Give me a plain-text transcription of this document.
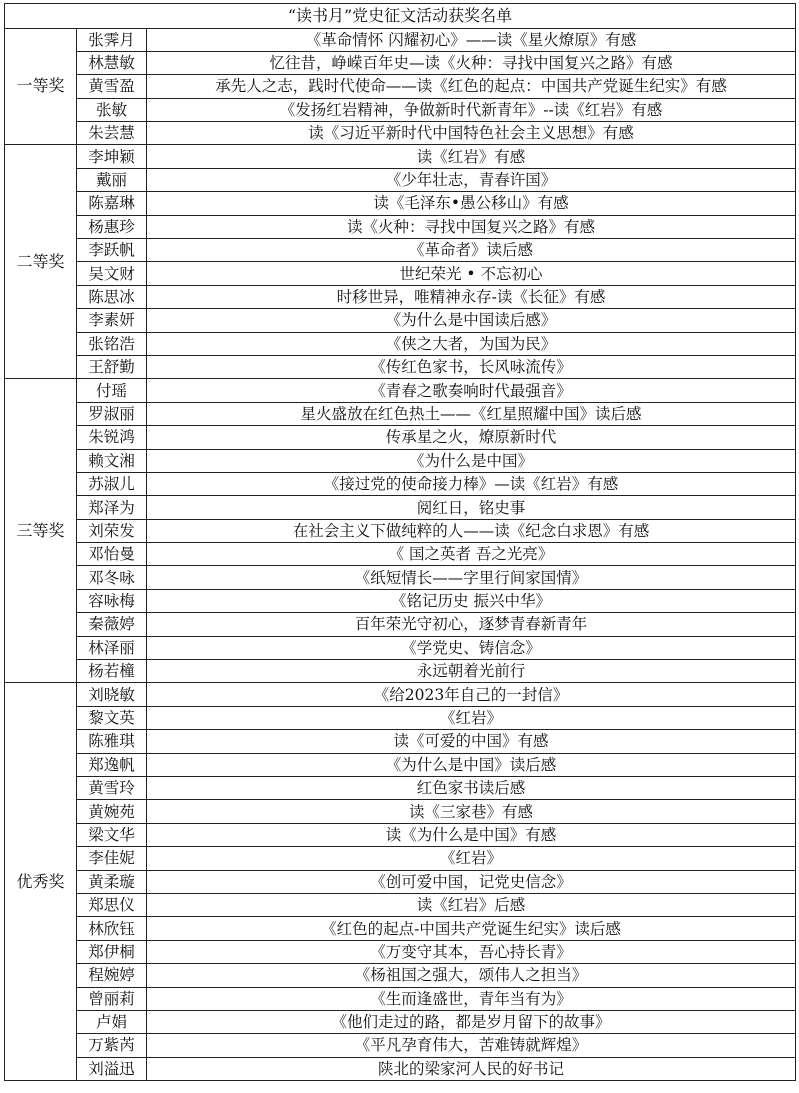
“读书月”党史征文活动获奖名单		
一等奖	张霁月	《革命情怀 闪耀初心》——读《星火燎原》有感
	林慧敏	忆往昔，峥嵘百年史—读《火种：寻找中国复兴之路》有感
	黄雪盈	承先人之志，践时代使命——读《红色的起点：中国共产党诞生纪实》有感
	张敏	《发扬红岩精神，争做新时代新青年》--读《红岩》有感
	朱芸慧	读《习近平新时代中国特色社会主义思想》有感
二等奖	李坤颖	读《红岩》有感
	戴丽	《少年壮志，青春许国》
	陈嘉琳	读《毛泽东•愚公移山》有感
	杨惠珍	读《火种：寻找中国复兴之路》有感
	李跃帆	《革命者》读后感
	吴文财	世纪荣光 • 不忘初心
	陈思冰	时移世异，唯精神永存-读《长征》有感
	李素妍	《为什么是中国读后感》
	张铭浩	《侠之大者，为国为民》
	王舒勤	《传红色家书，长风咏流传》
三等奖	付瑶	《青春之歌奏响时代最强音》
	罗淑丽	星火盛放在红色热土——《红星照耀中国》读后感
	朱锐鸿	传承星之火，燎原新时代
	赖文湘	《为什么是中国》
	苏淑儿	《接过党的使命接力棒》—读《红岩》有感
	郑泽为	阅红日，铭史事
	刘荣发	在社会主义下做纯粹的人——读《纪念白求恩》有感
	邓怡曼	《 国之英者 吾之光亮》
	邓冬咏	《纸短情长——字里行间家国情》
	容咏梅	《铭记历史 振兴中华》
	秦薇婷	百年荣光守初心，逐梦青春新青年
	林泽丽	《学党史、铸信念》
	杨若橦	永远朝着光前行
优秀奖	刘晓敏	《给2023年自己的一封信》
	黎文英	《红岩》
	陈雅琪	读《可爱的中国》有感
	郑逸帆	《为什么是中国》读后感
	黄雪玲	红色家书读后感
	黄婉苑	读《三家巷》有感
	梁文华	读《为什么是中国》有感
	李佳妮	《红岩》
	黄柔璇	《创可爱中国，记党史信念》
	郑思仪	读《红岩》后感
	林欣钰	《红色的起点-中国共产党诞生纪实》读后感
	郑伊桐	《万变守其本，吾心持长青》
	程婉婷	《杨祖国之强大，颂伟人之担当》
	曾丽莉	《生而逢盛世，青年当有为》
	卢娟	《他们走过的路，都是岁月留下的故事》
	万紫芮	《平凡孕育伟大，苦难铸就辉煌》
	刘溢迅	陕北的梁家河人民的好书记
